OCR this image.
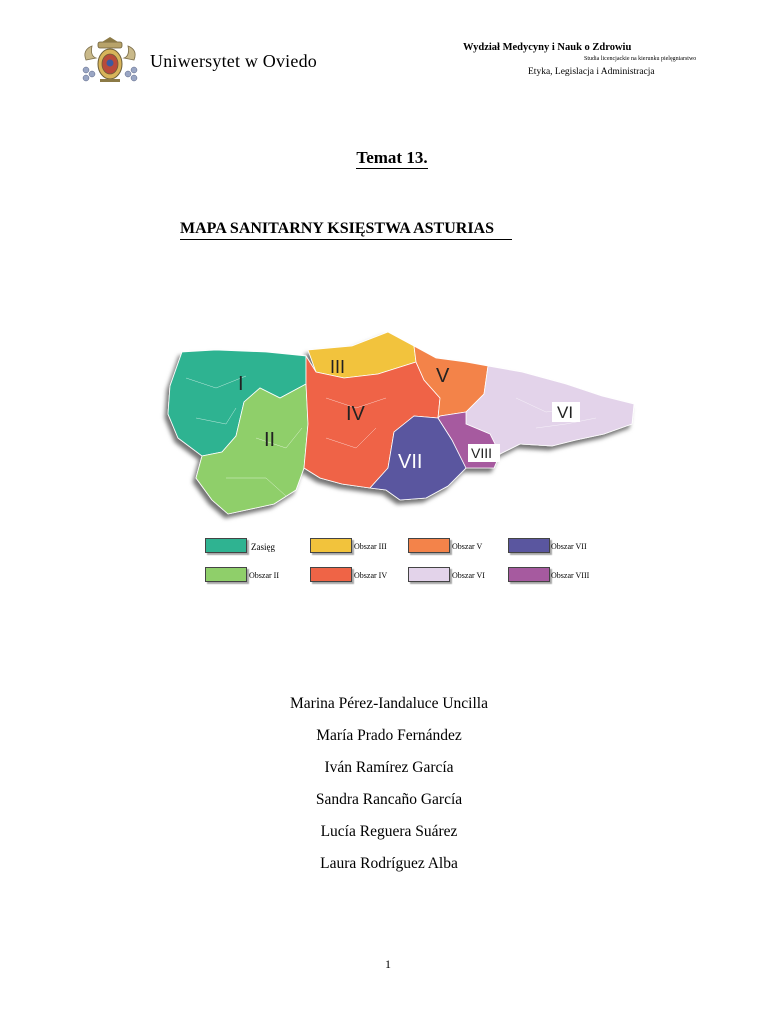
Uniwersytet w Oviedo
Wydział Medycyny i Nauk o Zdrowiu
Studia licencjackie na kierunku pielęgniarstwo
Etyka, Legislacja i Administracja
Temat 13.
MAPA SANITARNY KSIĘSTWA ASTURIAS
I
II
III
IV
V
VII
VI
VIII
Zasięg	Obszar III	Obszar V	Obszar VII
Obszar II	Obszar IV	Obszar VI	Obszar VIII
Marina Pérez-Iandaluce Uncilla
María Prado Fernández
Iván Ramírez García
Sandra Rancaño García
Lucía Reguera Suárez
Laura Rodríguez Alba
1
